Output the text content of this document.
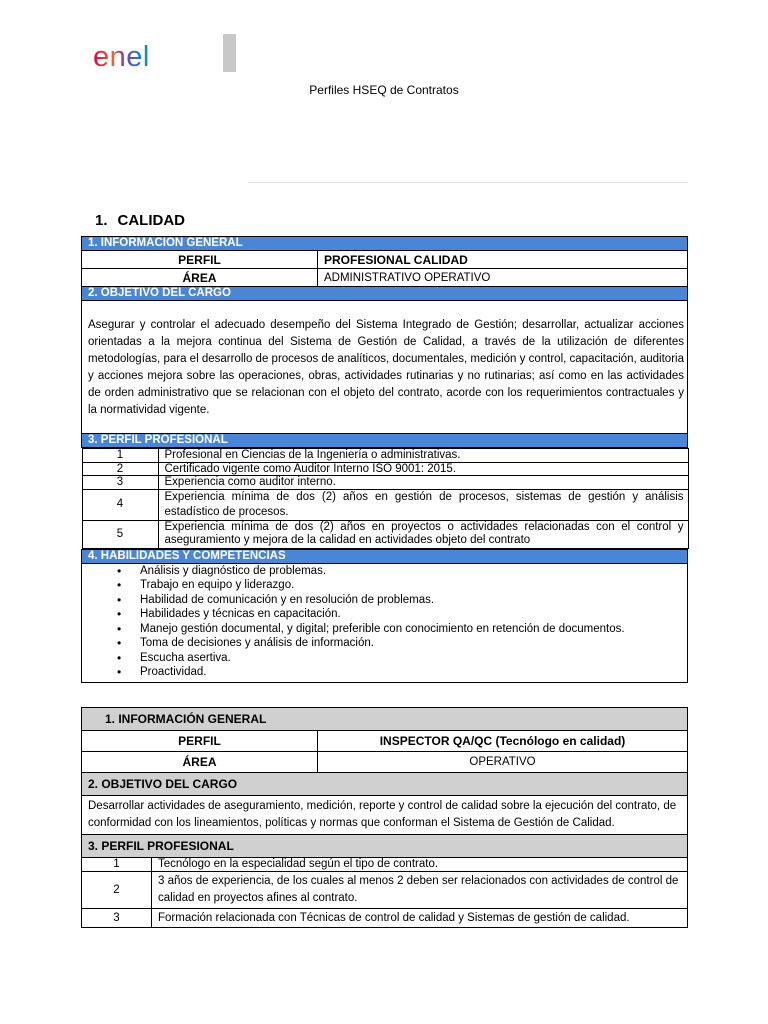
enel
Perfiles HSEQ de Contratos
1. CALIDAD
1. INFORMACION GENERAL
PERFIL	PROFESIONAL CALIDAD
ÁREA	ADMINISTRATIVO OPERATIVO
2. OBJETIVO DEL CARGO
Asegurar y controlar el adecuado desempeño del Sistema Integrado de Gestión; desarrollar, actualizar acciones orientadas a la mejora continua del Sistema de Gestión de Calidad, a través de la utilización de diferentes metodologías, para el desarrollo de procesos de analíticos, documentales, medición y control, capacitación, auditoria y acciones mejora sobre las operaciones, obras, actividades rutinarias y no rutinarias; así como en las actividades de orden administrativo que se relacionan con el objeto del contrato, acorde con los requerimientos contractuales y la normatividad vigente.
3. PERFIL PROFESIONAL

1	Profesional en Ciencias de la Ingeniería o administrativas.
2	Certificado vigente como Auditor Interno ISO 9001: 2015.
3	Experiencia como auditor interno.
4	Experiencia mínima de dos (2) años en gestión de procesos, sistemas de gestión y análisis estadístico de procesos.
5	Experiencia mínima de dos (2) años en proyectos o actividades relacionadas con el control y aseguramiento y mejora de la calidad en actividades objeto del contrato

4. HABILIDADES Y COMPETENCIAS

• Análisis y diagnóstico de problemas.
• Trabajo en equipo y liderazgo.
• Habilidad de comunicación y en resolución de problemas.
• Habilidades y técnicas en capacitación.
• Manejo gestión documental, y digital; preferible con conocimiento en retención de documentos.
• Toma de decisiones y análisis de información.
• Escucha asertiva.
• Proactividad.
1. INFORMACIÓN GENERAL		
PERFIL		INSPECTOR QA/QC (Tecnólogo en calidad)
ÁREA		OPERATIVO
2. OBJETIVO DEL CARGO		
Desarrollar actividades de aseguramiento, medición, reporte y control de calidad sobre la ejecución del contrato, de conformidad con los lineamientos, políticas y normas que conforman el Sistema de Gestión de Calidad.		
3. PERFIL PROFESIONAL		
1	Tecnólogo en la especialidad según el tipo de contrato.	
2	3 años de experiencia, de los cuales al menos 2 deben ser relacionados con actividades de control de calidad en proyectos afines al contrato.	
3	Formación relacionada con Técnicas de control de calidad y Sistemas de gestión de calidad.	
